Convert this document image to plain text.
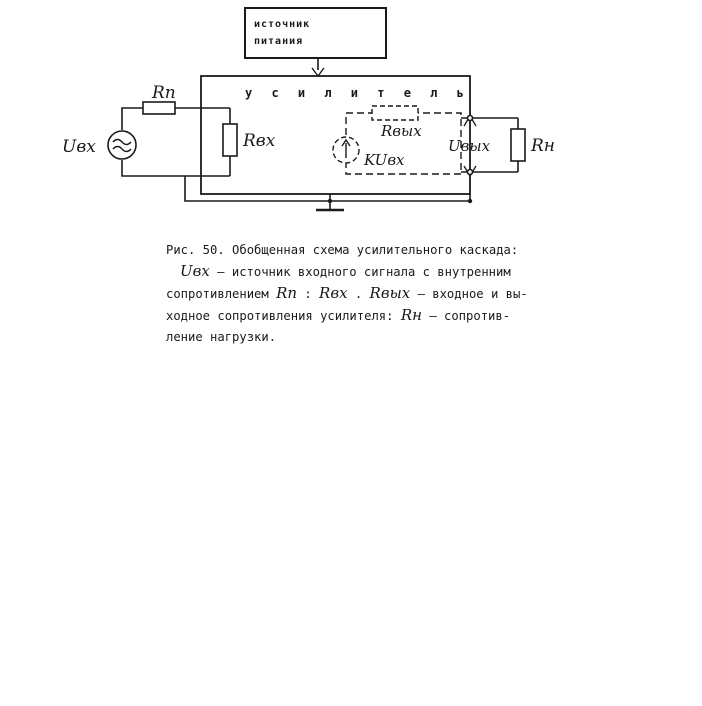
источник
питания
у с и л и т е л ь
Rп
Uвх	Rвх	Rвых
KUвх
Uвых Rн
Рис. 50. Обобщенная схема усилительного каскада:
Uвх – источник входного сигнала с внутренним
сопротивлением Rп : Rвх . Rвых – входное и вы-
ходное сопротивления усилителя: Rн – сопротив-
ление нагрузки.
